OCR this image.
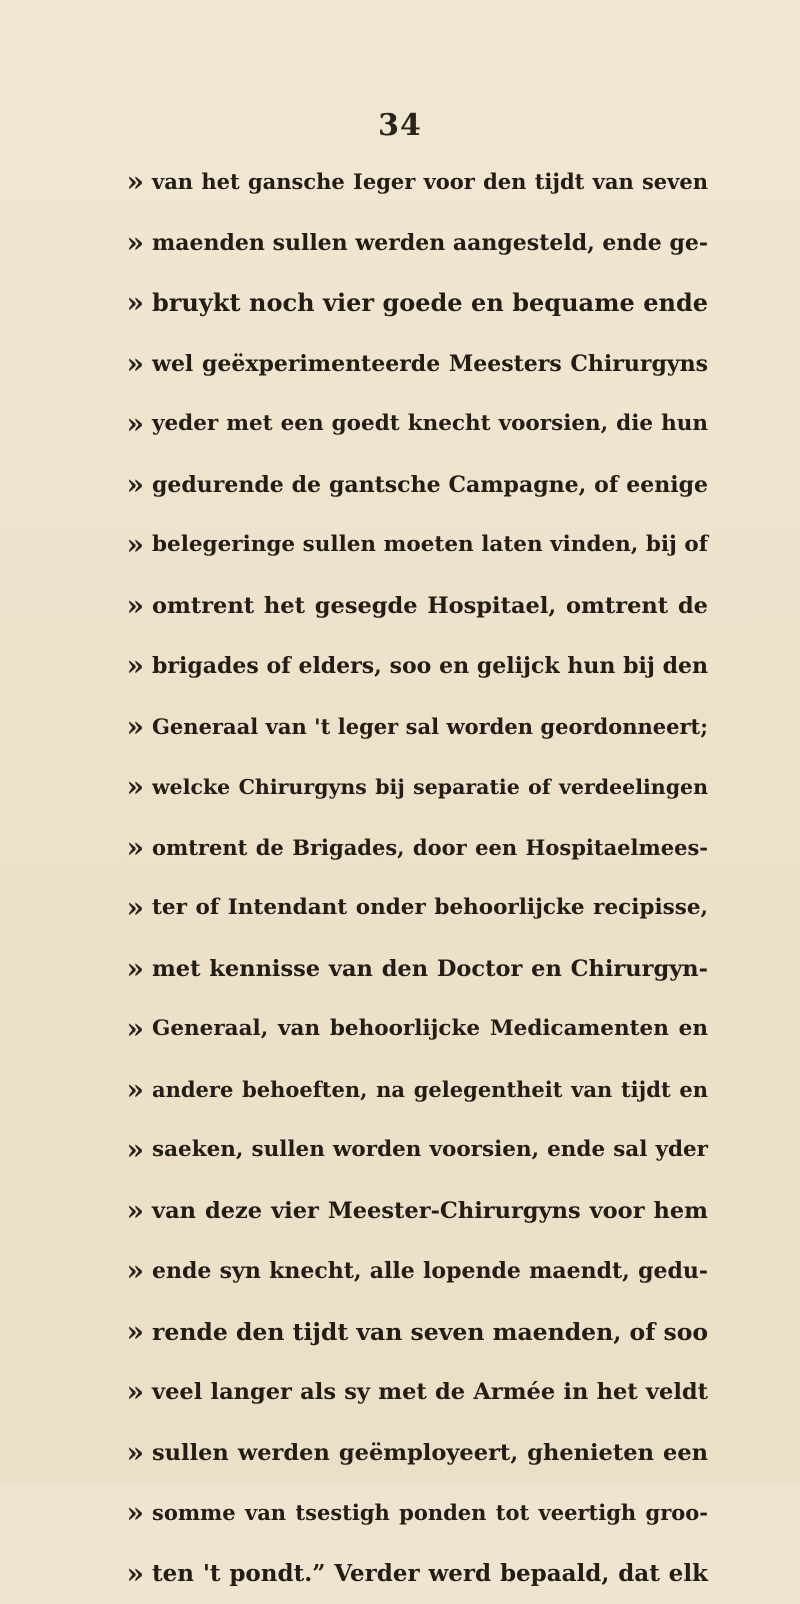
34
» van het gansche Ieger voor den tijdt van seven
» maenden sullen werden aangesteld, ende ge-
» bruykt noch vier goede en bequame ende
» wel geëxperimenteerde Meesters Chirurgyns
» yeder met een goedt knecht voorsien, die hun
» gedurende de gantsche Campagne, of eenige
» belegeringe sullen moeten laten vinden, bij of
» omtrent het gesegde Hospitael, omtrent de
» brigades of elders, soo en gelijck hun bij den
» Generaal van 't leger sal worden geordonneert;
» welcke Chirurgyns bij separatie of verdeelingen
» omtrent de Brigades, door een Hospitaelmees-
» ter of Intendant onder behoorlijcke recipisse,
» met kennisse van den Doctor en Chirurgyn-
» Generaal, van behoorlijcke Medicamenten en
» andere behoeften, na gelegentheit van tijdt en
» saeken, sullen worden voorsien, ende sal yder
» van deze vier Meester-Chirurgyns voor hem
» ende syn knecht, alle lopende maendt, gedu-
» rende den tijdt van seven maenden, of soo
» veel langer als sy met de Armée in het veldt
» sullen werden geëmployeert, ghenieten een
» somme van tsestigh ponden tot veertigh groo-
» ten 't pondt.” Verder werd bepaald, dat elk
